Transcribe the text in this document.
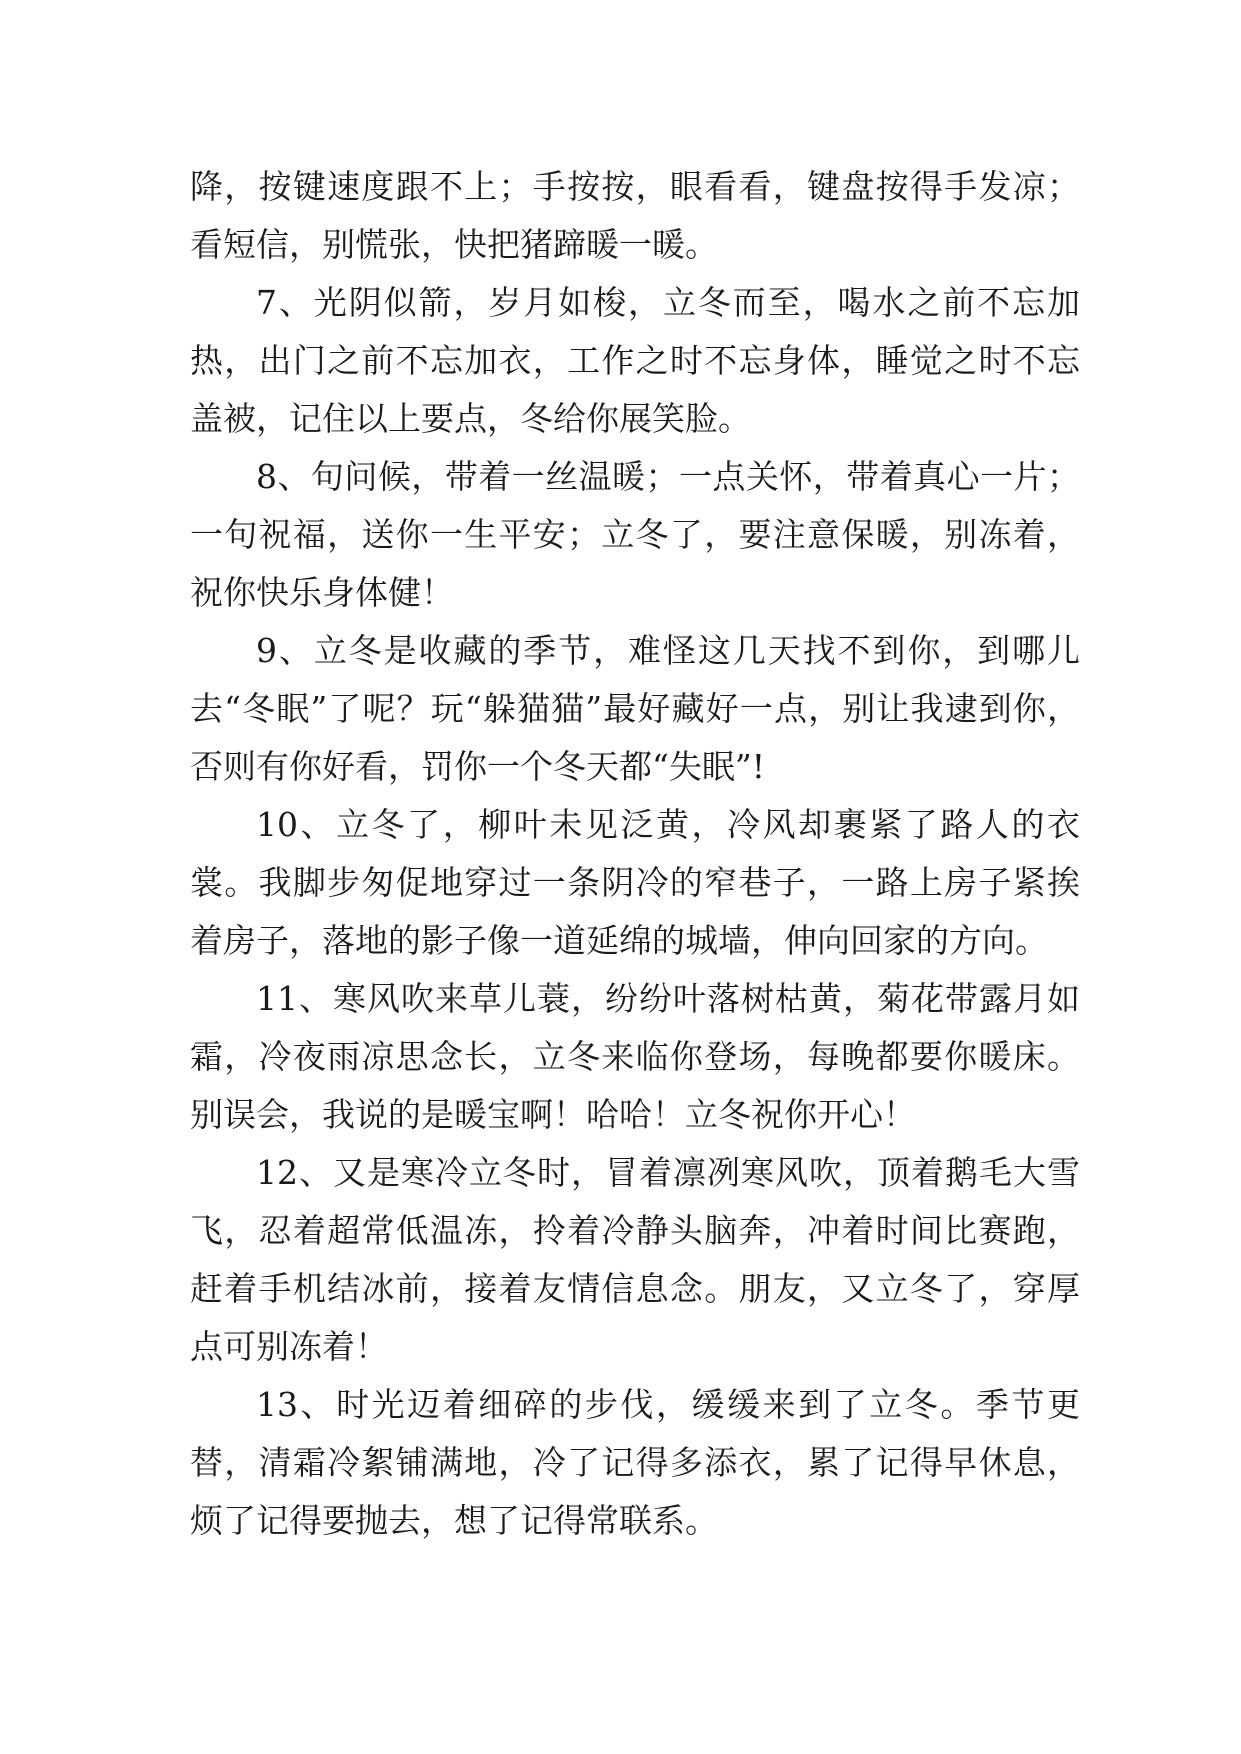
降，按键速度跟不上；手按按，眼看看，键盘按得手发凉；看短信，别慌张，快把猪蹄暖一暖。

7、光阴似箭，岁月如梭，立冬而至，喝水之前不忘加热，出门之前不忘加衣，工作之时不忘身体，睡觉之时不忘盖被，记住以上要点，冬给你展笑脸。

8、句问候，带着一丝温暖；一点关怀，带着真心一片；一句祝福，送你一生平安；立冬了，要注意保暖，别冻着，祝你快乐身体健！

9、立冬是收藏的季节，难怪这几天找不到你，到哪儿去“冬眠”了呢？玩“躲猫猫”最好藏好一点，别让我逮到你，否则有你好看，罚你一个冬天都“失眠”!

10、立冬了，柳叶未见泛黄，冷风却裹紧了路人的衣裳。我脚步匆促地穿过一条阴冷的窄巷子，一路上房子紧挨着房子，落地的影子像一道延绵的城墙，伸向回家的方向。

11、寒风吹来草儿蓑，纷纷叶落树枯黄，菊花带露月如霜，冷夜雨凉思念长，立冬来临你登场，每晚都要你暖床。别误会，我说的是暖宝啊！哈哈！立冬祝你开心！

12、又是寒冷立冬时，冒着凛冽寒风吹，顶着鹅毛大雪飞，忍着超常低温冻，拎着冷静头脑奔，冲着时间比赛跑，赶着手机结冰前，接着友情信息念。朋友，又立冬了，穿厚点可别冻着！

13、时光迈着细碎的步伐，缓缓来到了立冬。季节更替，清霜冷絮铺满地，冷了记得多添衣，累了记得早休息，烦了记得要抛去，想了记得常联系。
